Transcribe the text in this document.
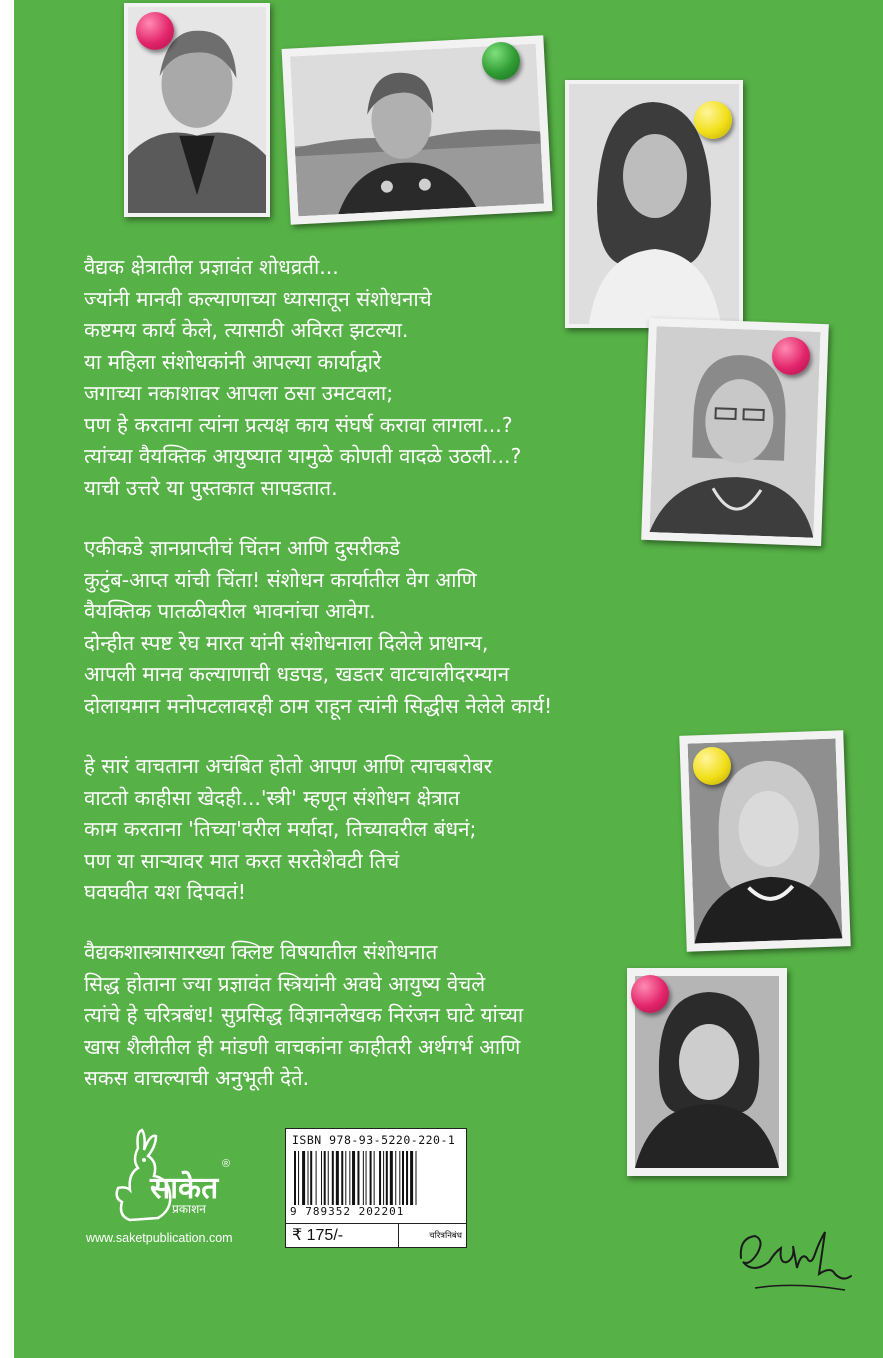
वैद्यक क्षेत्रातील प्रज्ञावंत शोधव्रती...
ज्यांनी मानवी कल्याणाच्या ध्यासातून संशोधनाचे
कष्टमय कार्य केले, त्यासाठी अविरत झटल्या.
या महिला संशोधकांनी आपल्या कार्याद्वारे
जगाच्या नकाशावर आपला ठसा उमटवला;
पण हे करताना त्यांना प्रत्यक्ष काय संघर्ष करावा लागला...?
त्यांच्या वैयक्तिक आयुष्यात यामुळे कोणती वादळे उठली...?
याची उत्तरे या पुस्तकात सापडतात.
एकीकडे ज्ञानप्राप्तीचं चिंतन आणि दुसरीकडे
कुटुंब-आप्त यांची चिंता! संशोधन कार्यातील वेग आणि
वैयक्तिक पातळीवरील भावनांचा आवेग.
दोन्हीत स्पष्ट रेघ मारत यांनी संशोधनाला दिलेले प्राधान्य,
आपली मानव कल्याणाची धडपड, खडतर वाटचालीदरम्यान
दोलायमान मनोपटलावरही ठाम राहून त्यांनी सिद्धीस नेलेले कार्य!
हे सारं वाचताना अचंबित होतो आपण आणि त्याचबरोबर
वाटतो काहीसा खेदही...'स्त्री' म्हणून संशोधन क्षेत्रात
काम करताना 'तिच्या'वरील मर्यादा, तिच्यावरील बंधनं;
पण या साऱ्यावर मात करत सरतेशेवटी तिचं
घवघवीत यश दिपवतं!
वैद्यकशास्त्रासारख्या क्लिष्ट विषयातील संशोधनात
सिद्ध होताना ज्या प्रज्ञावंत स्त्रियांनी अवघे आयुष्य वेचले
त्यांचे हे चरित्रबंध! सुप्रसिद्ध विज्ञानलेखक निरंजन घाटे यांच्या
खास शैलीतील ही मांडणी वाचकांना काहीतरी अर्थगर्भ आणि
सकस वाचल्याची अनुभूती देते.
साकेत
प्रकाशन
®
www.saketpublication.com
ISBN 978-93-5220-220-1
9 789352 202201
₹ 175/-	चरित्रनिबंध
